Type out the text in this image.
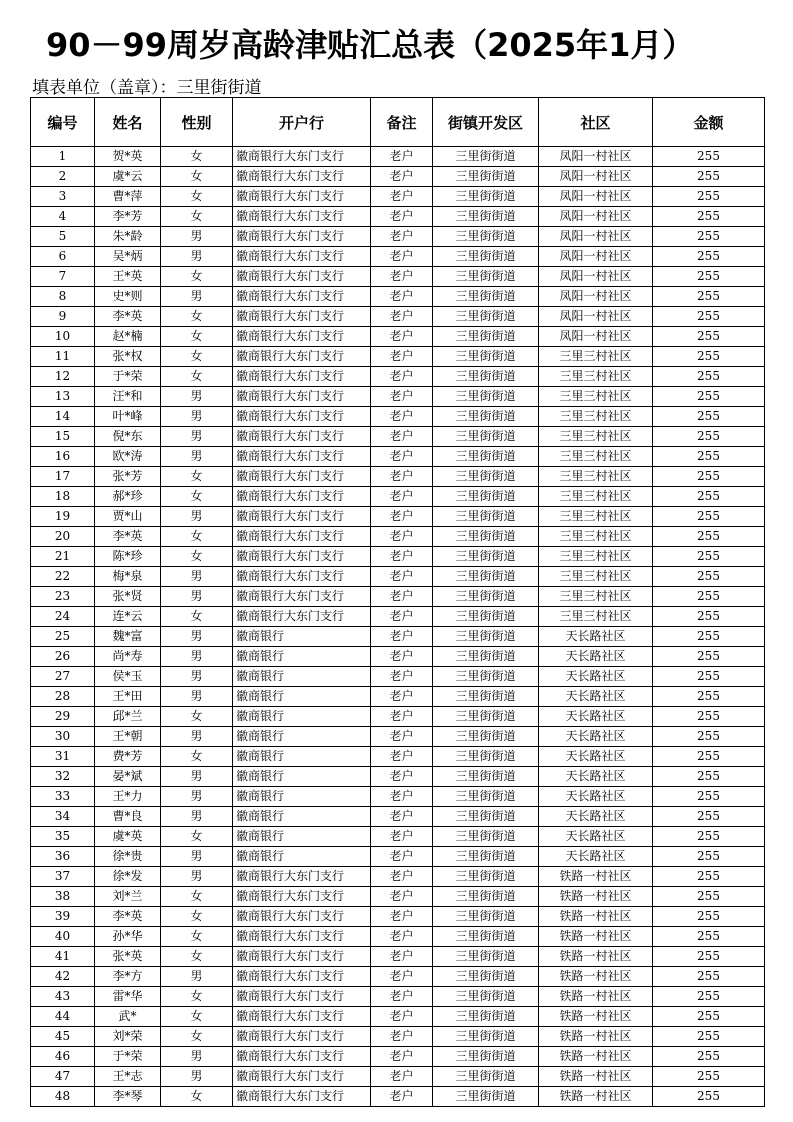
90－99周岁高龄津贴汇总表（2025年1月）
填表单位（盖章）：三里街街道
编号	姓名	性别	开户行	备注	街镇开发区	社区	金额
1	贺*英	女	徽商银行大东门支行	老户	三里街街道	凤阳一村社区	255
2	虞*云	女	徽商银行大东门支行	老户	三里街街道	凤阳一村社区	255
3	曹*萍	女	徽商银行大东门支行	老户	三里街街道	凤阳一村社区	255
4	李*芳	女	徽商银行大东门支行	老户	三里街街道	凤阳一村社区	255
5	朱*龄	男	徽商银行大东门支行	老户	三里街街道	凤阳一村社区	255
6	吴*炳	男	徽商银行大东门支行	老户	三里街街道	凤阳一村社区	255
7	王*英	女	徽商银行大东门支行	老户	三里街街道	凤阳一村社区	255
8	史*则	男	徽商银行大东门支行	老户	三里街街道	凤阳一村社区	255
9	李*英	女	徽商银行大东门支行	老户	三里街街道	凤阳一村社区	255
10	赵*楠	女	徽商银行大东门支行	老户	三里街街道	凤阳一村社区	255
11	张*权	女	徽商银行大东门支行	老户	三里街街道	三里三村社区	255
12	于*荣	女	徽商银行大东门支行	老户	三里街街道	三里三村社区	255
13	汪*和	男	徽商银行大东门支行	老户	三里街街道	三里三村社区	255
14	叶*峰	男	徽商银行大东门支行	老户	三里街街道	三里三村社区	255
15	倪*东	男	徽商银行大东门支行	老户	三里街街道	三里三村社区	255
16	欧*涛	男	徽商银行大东门支行	老户	三里街街道	三里三村社区	255
17	张*芳	女	徽商银行大东门支行	老户	三里街街道	三里三村社区	255
18	郝*珍	女	徽商银行大东门支行	老户	三里街街道	三里三村社区	255
19	贾*山	男	徽商银行大东门支行	老户	三里街街道	三里三村社区	255
20	李*英	女	徽商银行大东门支行	老户	三里街街道	三里三村社区	255
21	陈*珍	女	徽商银行大东门支行	老户	三里街街道	三里三村社区	255
22	梅*泉	男	徽商银行大东门支行	老户	三里街街道	三里三村社区	255
23	张*贤	男	徽商银行大东门支行	老户	三里街街道	三里三村社区	255
24	连*云	女	徽商银行大东门支行	老户	三里街街道	三里三村社区	255
25	魏*富	男	徽商银行	老户	三里街街道	天长路社区	255
26	尚*寿	男	徽商银行	老户	三里街街道	天长路社区	255
27	侯*玉	男	徽商银行	老户	三里街街道	天长路社区	255
28	王*田	男	徽商银行	老户	三里街街道	天长路社区	255
29	邱*兰	女	徽商银行	老户	三里街街道	天长路社区	255
30	王*朝	男	徽商银行	老户	三里街街道	天长路社区	255
31	费*芳	女	徽商银行	老户	三里街街道	天长路社区	255
32	晏*斌	男	徽商银行	老户	三里街街道	天长路社区	255
33	王*力	男	徽商银行	老户	三里街街道	天长路社区	255
34	曹*良	男	徽商银行	老户	三里街街道	天长路社区	255
35	虞*英	女	徽商银行	老户	三里街街道	天长路社区	255
36	徐*贵	男	徽商银行	老户	三里街街道	天长路社区	255
37	徐*发	男	徽商银行大东门支行	老户	三里街街道	铁路一村社区	255
38	刘*兰	女	徽商银行大东门支行	老户	三里街街道	铁路一村社区	255
39	李*英	女	徽商银行大东门支行	老户	三里街街道	铁路一村社区	255
40	孙*华	女	徽商银行大东门支行	老户	三里街街道	铁路一村社区	255
41	张*英	女	徽商银行大东门支行	老户	三里街街道	铁路一村社区	255
42	李*方	男	徽商银行大东门支行	老户	三里街街道	铁路一村社区	255
43	雷*华	女	徽商银行大东门支行	老户	三里街街道	铁路一村社区	255
44	武*	女	徽商银行大东门支行	老户	三里街街道	铁路一村社区	255
45	刘*荣	女	徽商银行大东门支行	老户	三里街街道	铁路一村社区	255
46	于*荣	男	徽商银行大东门支行	老户	三里街街道	铁路一村社区	255
47	王*志	男	徽商银行大东门支行	老户	三里街街道	铁路一村社区	255
48	李*琴	女	徽商银行大东门支行	老户	三里街街道	铁路一村社区	255
